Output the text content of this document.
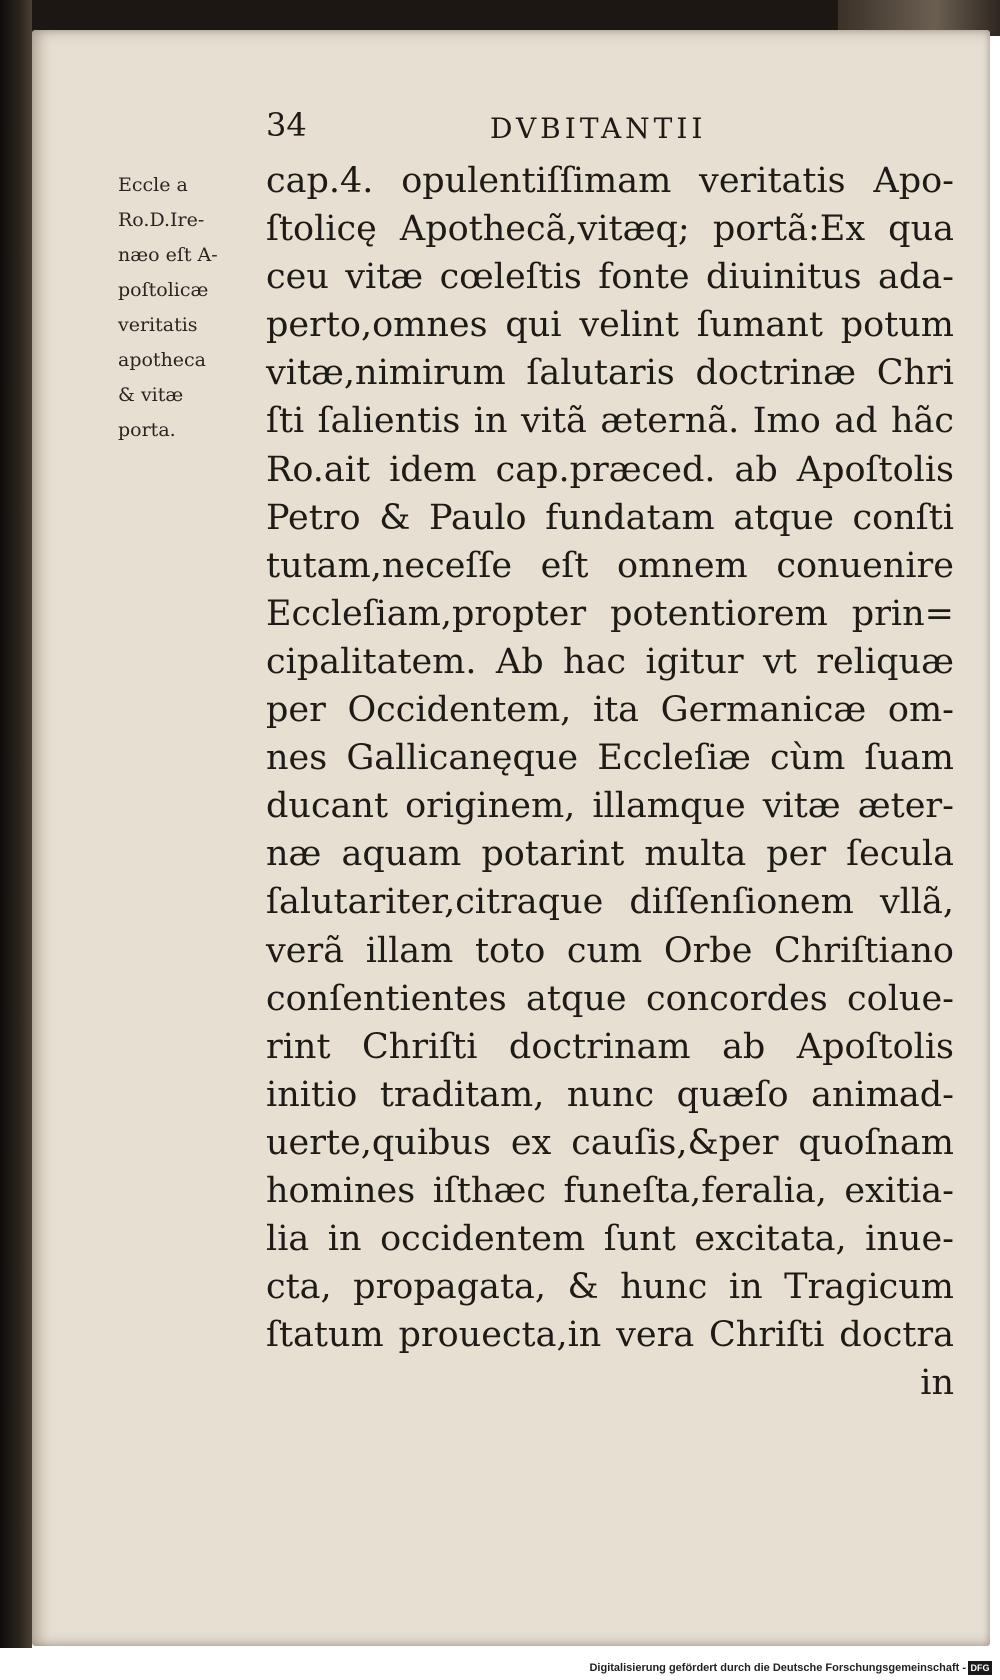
34	DVBITANTII
Eccle a
Ro.D.Ire-
næo eſt A-
poſtolicæ
veritatis
apotheca
& vitæ
porta.
cap.4. opulentiſſimam veritatis Apo-
ſtolicę Apothecã,vitæq; portã:Ex qua
ceu vitæ cœleſtis fonte diuinitus ada-
perto,omnes qui velint ſumant potum
vitæ,nimirum ſalutaris doctrinæ Chri
ſti ſalientis in vitã æternã. Imo ad hãc
Ro.ait idem cap.præced. ab Apoſtolis
Petro & Paulo fundatam atque conſti
tutam,neceſſe eſt omnem conuenire
Eccleſiam,propter potentiorem prin=
cipalitatem. Ab hac igitur vt reliquæ
per Occidentem, ita Germanicæ om-
nes Gallicanęque Eccleſiæ cùm ſuam
ducant originem, illamque vitæ æter-
næ aquam potarint multa per ſecula
ſalutariter,citraque diſſenſionem vllã,
verã illam toto cum Orbe Chriſtiano
conſentientes atque concordes colue-
rint Chriſti doctrinam ab Apoſtolis
initio traditam, nunc quæſo animad-
uerte,quibus ex cauſis,&per quoſnam
homines iſthæc funeſta,feralia, exitia-
lia in occidentem ſunt excitata, inue-
cta, propagata, & hunc in Tragicum
ſtatum prouecta,in vera Chriſti doctra
in
Digitalisierung gefördert durch die Deutsche Forschungsgemeinschaft - DFG
